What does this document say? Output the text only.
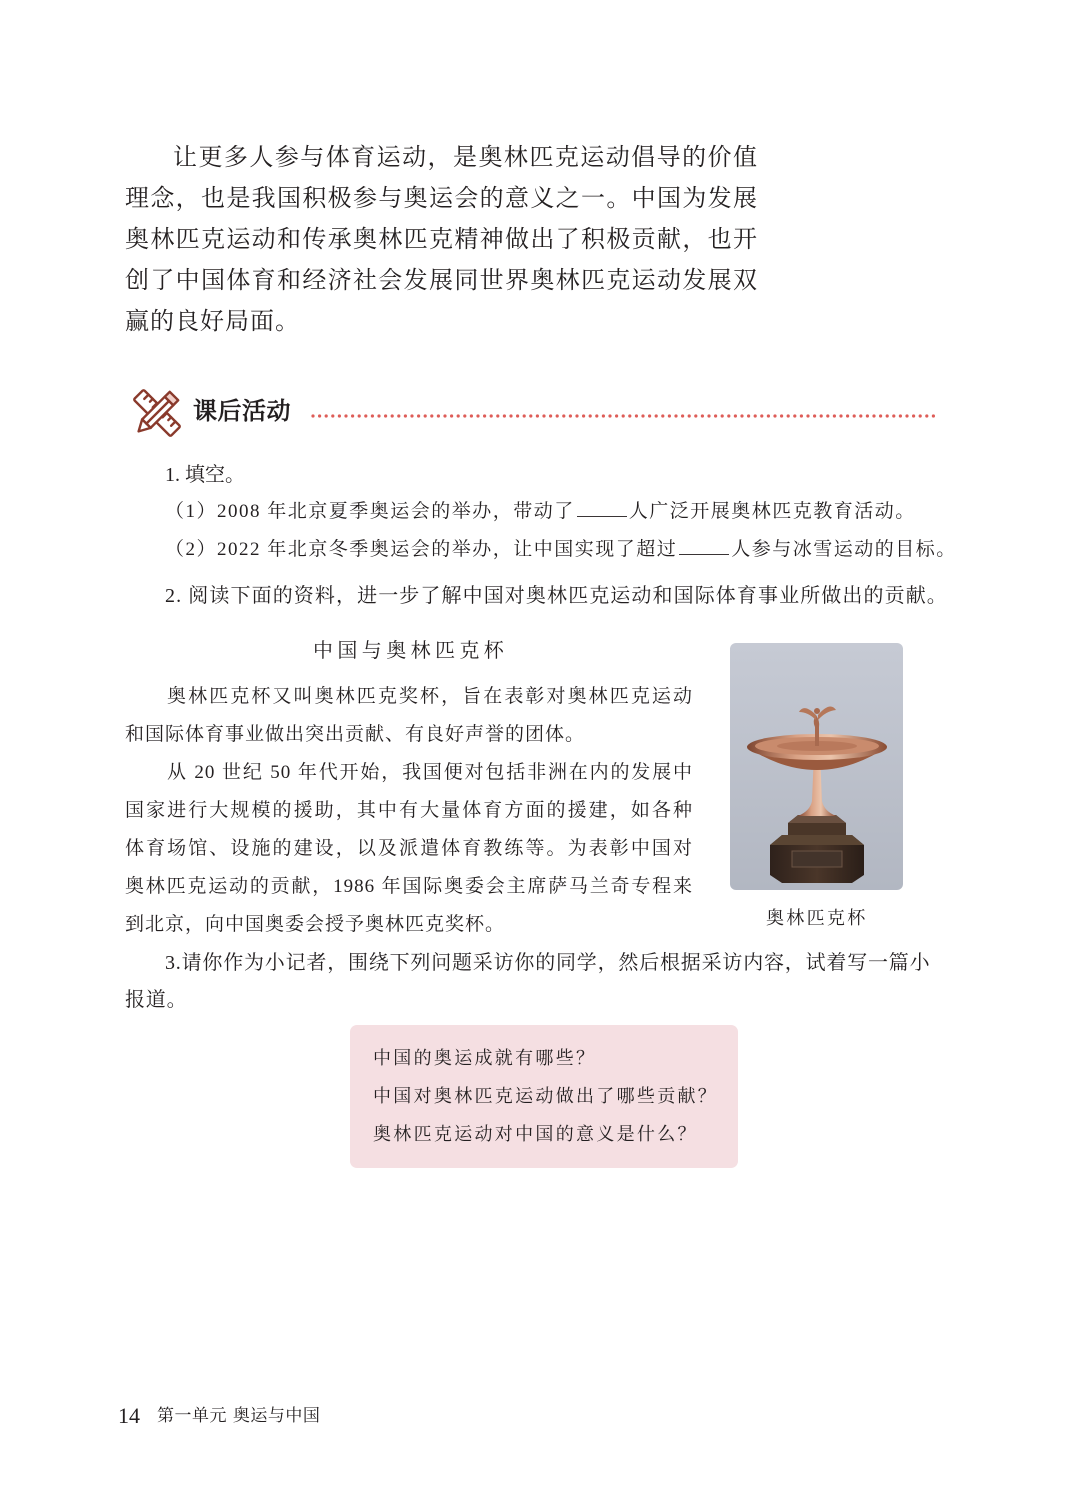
让更多人参与体育运动，是奥林匹克运动倡导的价值
理念，也是我国积极参与奥运会的意义之一。中国为发展
奥林匹克运动和传承奥林匹克精神做出了积极贡献，也开
创了中国体育和经济社会发展同世界奥林匹克运动发展双
赢的良好局面。
课后活动
1. 填空。
（1）2008 年北京夏季奥运会的举办，带动了	人广泛开展奥林匹克教育活动。
（2）2022 年北京冬季奥运会的举办，让中国实现了超过	人参与冰雪运动的目标。
2. 阅读下面的资料，进一步了解中国对奥林匹克运动和国际体育事业所做出的贡献。
中国与奥林匹克杯
奥林匹克杯又叫奥林匹克奖杯，旨在表彰对奥林匹克运动
和国际体育事业做出突出贡献、有良好声誉的团体。
从 20 世纪 50 年代开始，我国便对包括非洲在内的发展中
国家进行大规模的援助，其中有大量体育方面的援建，如各种
体育场馆、设施的建设，以及派遣体育教练等。为表彰中国对
奥林匹克运动的贡献，1986 年国际奥委会主席萨马兰奇专程来
到北京，向中国奥委会授予奥林匹克奖杯。	奥林匹克杯
3.请你作为小记者，围绕下列问题采访你的同学，然后根据采访内容，试着写一篇小
报道。
中国的奥运成就有哪些？
中国对奥林匹克运动做出了哪些贡献？
奥林匹克运动对中国的意义是什么？
14 第一单元 奥运与中国
